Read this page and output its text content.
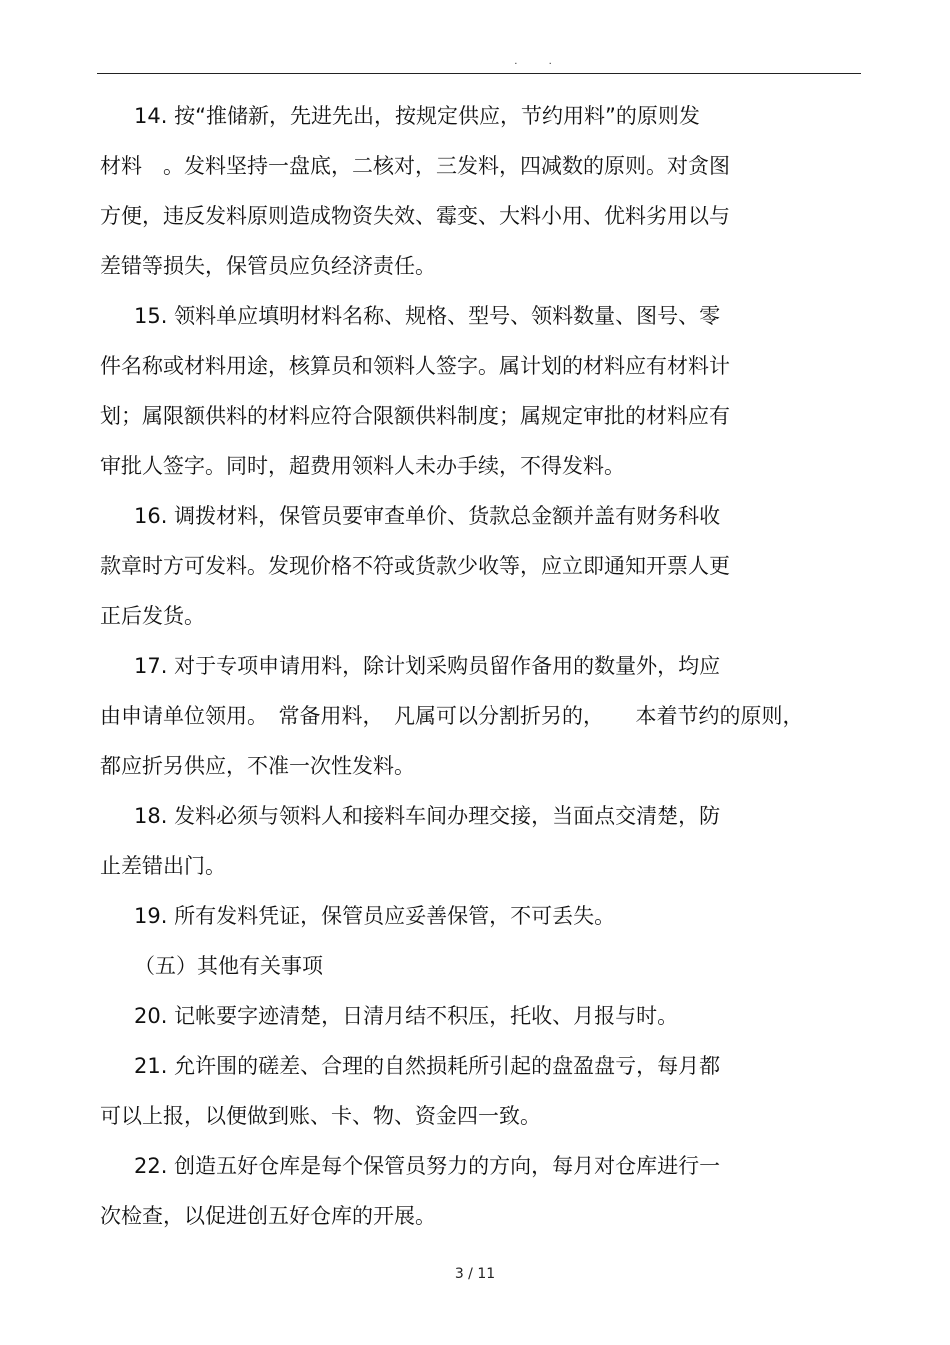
. .
14. 按“推储新，先进先出，按规定供应，节约用料”的原则发
材料　。发料坚持一盘底，二核对，三发料，四减数的原则。对贪图
方便，违反发料原则造成物资失效、霉变、大料小用、优料劣用以与
差错等损失，保管员应负经济责任。
15. 领料单应填明材料名称、规格、型号、领料数量、图号、零
件名称或材料用途，核算员和领料人签字。属计划的材料应有材料计
划；属限额供料的材料应符合限额供料制度；属规定审批的材料应有
审批人签字。同时，超费用领料人未办手续，不得发料。
16. 调拨材料，保管员要审查单价、货款总金额并盖有财务科收
款章时方可发料。发现价格不符或货款少收等，应立即通知开票人更
正后发货。
17. 对于专项申请用料，除计划采购员留作备用的数量外，均应
由申请单位领用。　常备用料，　凡属可以分割折另的，　　本着节约的原则，
都应折另供应，不准一次性发料。
18. 发料必须与领料人和接料车间办理交接，当面点交清楚，防
止差错出门。
19. 所有发料凭证，保管员应妥善保管，不可丢失。
（五）其他有关事项
20. 记帐要字迹清楚，日清月结不积压，托收、月报与时。
21. 允许围的磋差、合理的自然损耗所引起的盘盈盘亏，每月都
可以上报，以便做到账、卡、物、资金四一致。
22. 创造五好仓库是每个保管员努力的方向，每月对仓库进行一
次检查，以促进创五好仓库的开展。
3 / 11
